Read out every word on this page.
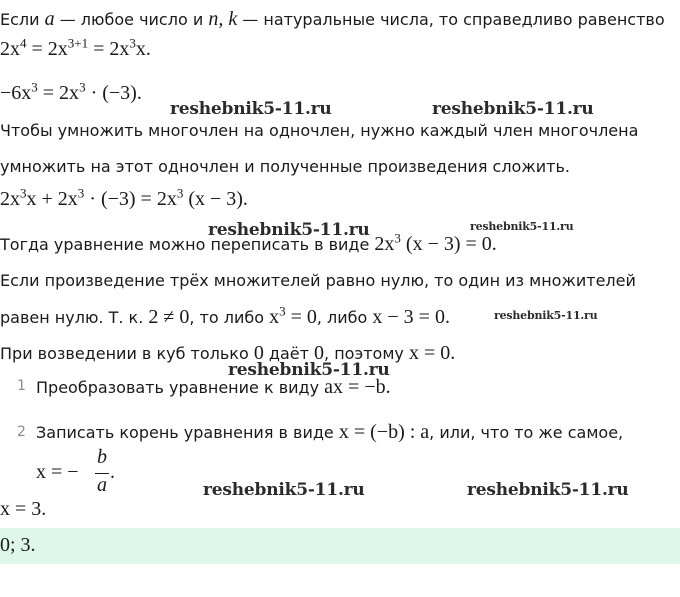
Если a — любое число и n, k — натуральные числа, то справедливо равенство
$2x^4 = 2x^{3+1} = 2x^3x$.
$-6x^3 = 2x^3 \cdot (-3)$.
Чтобы умножить многочлен на одночлен, нужно каждый член многочлена
умножить на этот одночлен и полученные произведения сложить.
$2x^3x + 2x^3 \cdot (-3) = 2x^3$ (x − 3).
Тогда уравнение можно переписать в виде $2x^3$ (x − 3) = 0.
Если произведение трёх множителей равно нулю, то один из множителей
равен нулю. Т. к. 2 ≠ 0, то либо $x^3 = 0$, либо x − 3 = 0.
При возведении в куб только 0 даёт 0, поэтому x = 0.
1 Преобразовать уравнение к виду ax = −b.
2 Записать корень уравнения в виде x = (−b) : a, или, что то же самое,
x = −
b
a
.
x = 3.
0; 3.
reshebnik5-11.ru	reshebnik5-11.ru
reshebnik5-11.ru	reshebnik5-11.ru
reshebnik5-11.ru
reshebnik5-11.ru
reshebnik5-11.ru	reshebnik5-11.ru
